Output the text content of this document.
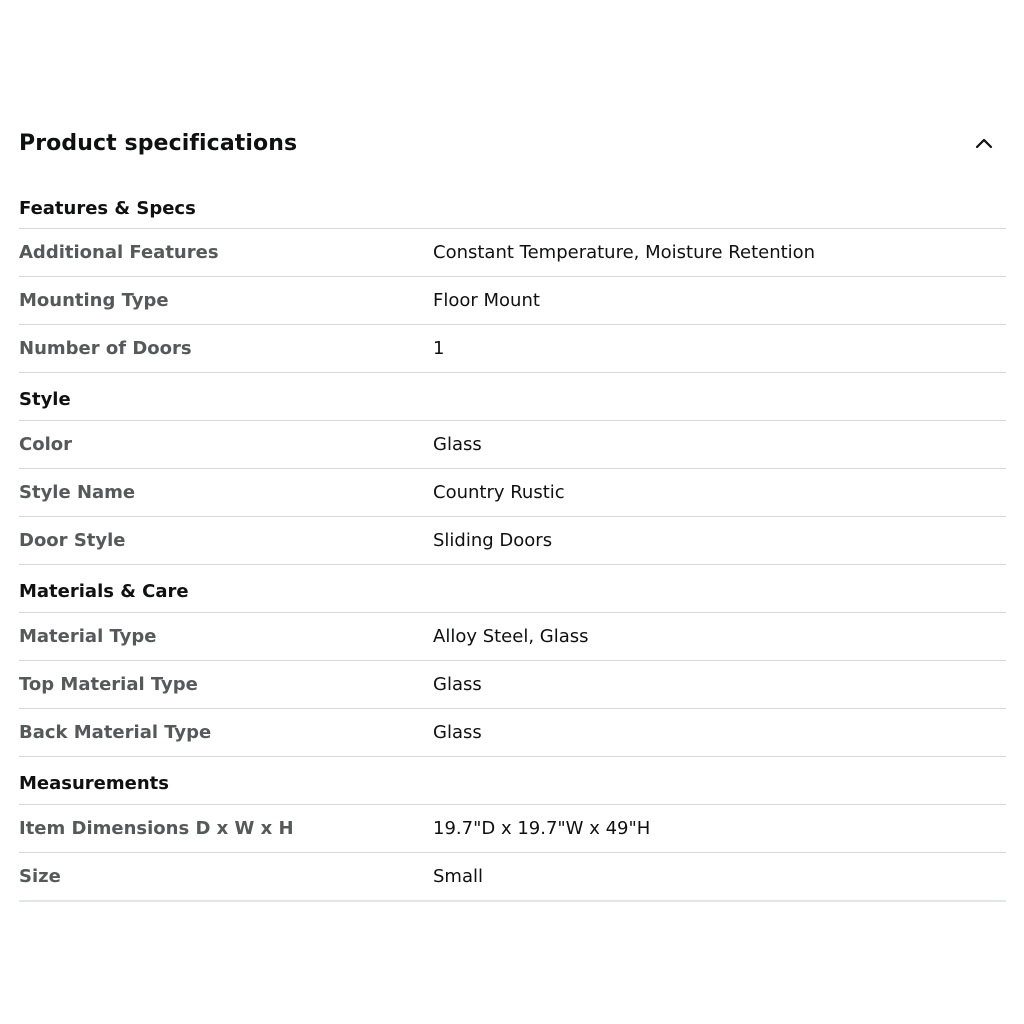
Product specifications
Features & Specs
Additional Features	Constant Temperature, Moisture Retention
Mounting Type	Floor Mount
Number of Doors	1
Style
Color	Glass
Style Name	Country Rustic
Door Style	Sliding Doors
Materials & Care
Material Type	Alloy Steel, Glass
Top Material Type	Glass
Back Material Type	Glass
Measurements
Item Dimensions D x W x H	19.7"D x 19.7"W x 49"H
Size	Small
